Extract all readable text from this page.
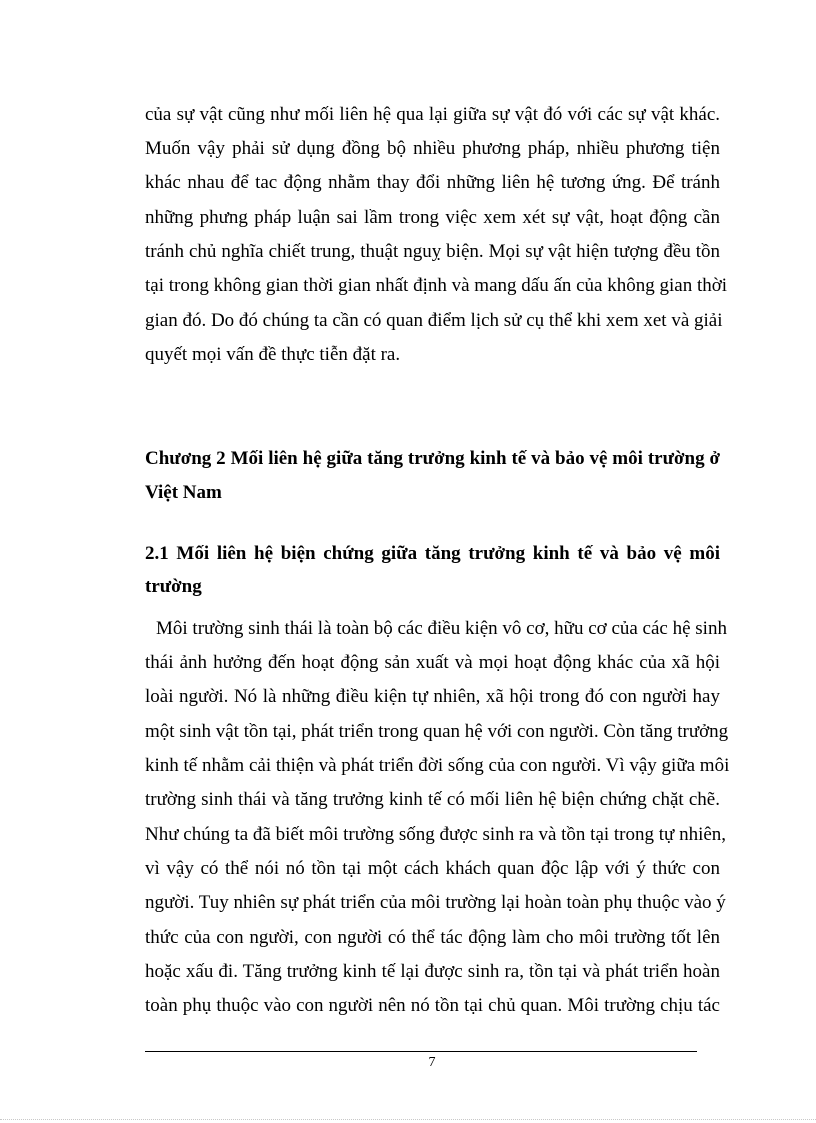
của sự vật cũng như mối liên hệ qua lại giữa sự vật đó với các sự vật khác.
Muốn vậy phải sử dụng đồng bộ nhiều phương pháp, nhiều phương tiện
khác nhau để tac động nhằm thay đổi những liên hệ tương ứng. Để tránh
những phưng pháp luận sai lầm trong việc xem xét sự vật, hoạt động cần
tránh chủ nghĩa chiết trung, thuật nguỵ biện. Mọi sự vật hiện tượng đều tồn
tại trong không gian thời gian nhất định và mang dấu ấn của không gian thời
gian đó. Do đó chúng ta cần có quan điểm lịch sử cụ thể khi xem xet và giải
quyết mọi vấn đề thực tiễn đặt ra.
Chương 2 Mối liên hệ giữa tăng trưởng kinh tế và bảo vệ môi trường ở
Việt Nam
2.1 Mối liên hệ biện chứng giữa tăng trưởng kinh tế và bảo vệ môi
trường
Môi trường sinh thái là toàn bộ các điều kiện vô cơ, hữu cơ của các hệ sinh
thái ảnh hưởng đến hoạt động sản xuất và mọi hoạt động khác của xã hội
loài người. Nó là những điều kiện tự nhiên, xã hội trong đó con người hay
một sinh vật tồn tại, phát triển trong quan hệ với con người. Còn tăng trưởng
kinh tế nhằm cải thiện và phát triển đời sống của con người. Vì vậy giữa môi
trường sinh thái và tăng trưởng kinh tế có mối liên hệ biện chứng chặt chẽ.
Như chúng ta đã biết môi trường sống được sinh ra và tồn tại trong tự nhiên,
vì vậy có thể nói nó tồn tại một cách khách quan độc lập với ý thức con
người. Tuy nhiên sự phát triển của môi trường lại hoàn toàn phụ thuộc vào ý
thức của con người, con người có thể tác động làm cho môi trường tốt lên
hoặc xấu đi. Tăng trưởng kinh tế lại được sinh ra, tồn tại và phát triển hoàn
toàn phụ thuộc vào con người nên nó tồn tại chủ quan. Môi trường chịu tác
7
